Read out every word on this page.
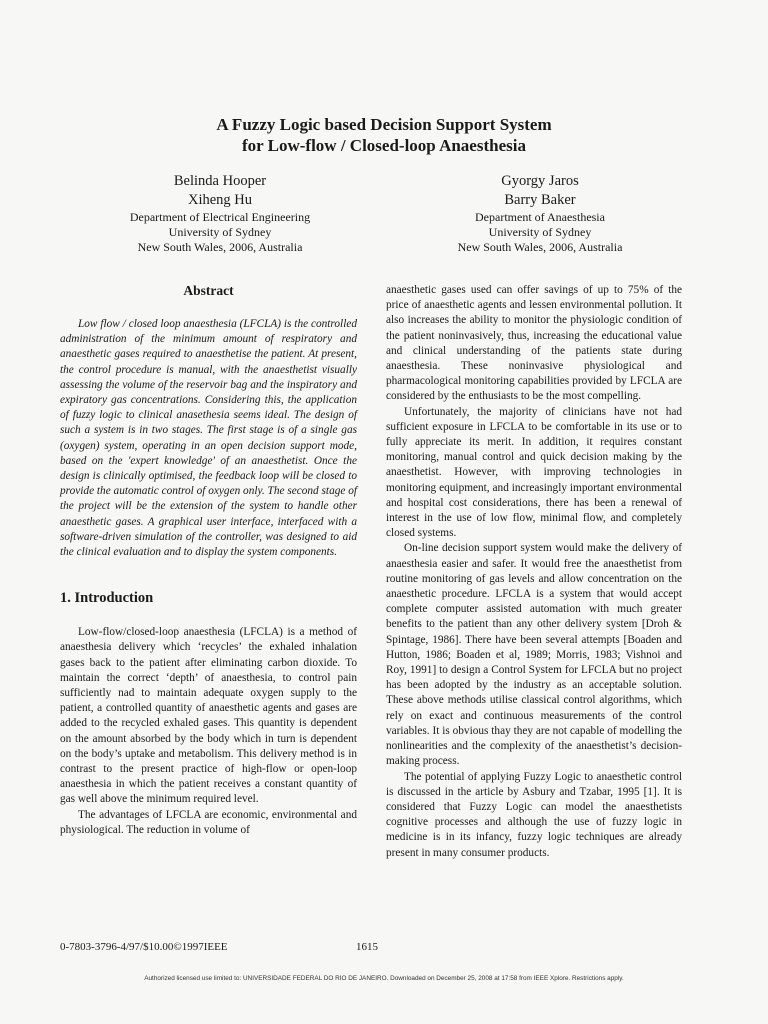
A Fuzzy Logic based Decision Support System
for Low-flow / Closed-loop Anaesthesia
Belinda Hooper
Xiheng Hu
Department of Electrical Engineering
University of Sydney
New South Wales, 2006, Australia
Gyorgy Jaros
Barry Baker
Department of Anaesthesia
University of Sydney
New South Wales, 2006, Australia
Abstract

Low flow / closed loop anaesthesia (LFCLA) is the controlled administration of the minimum amount of respiratory and anaesthetic gases required to anaesthetise the patient. At present, the control procedure is manual, with the anaesthetist visually assessing the volume of the reservoir bag and the inspiratory and expiratory gas concentrations. Considering this, the application of fuzzy logic to clinical anasethesia seems ideal. The design of such a system is in two stages. The first stage is of a single gas (oxygen) system, operating in an open decision support mode, based on the 'expert knowledge' of an anaesthetist. Once the design is clinically optimised, the feedback loop will be closed to provide the automatic control of oxygen only. The second stage of the project will be the extension of the system to handle other anaesthetic gases. A graphical user interface, interfaced with a software-driven simulation of the controller, was designed to aid the clinical evaluation and to display the system components.

1. Introduction

Low-flow/closed-loop anaesthesia (LFCLA) is a method of anaesthesia delivery which ‘recycles’ the exhaled inhalation gases back to the patient after eliminating carbon dioxide. To maintain the correct ‘depth’ of anaesthesia, to control pain sufficiently nad to maintain adequate oxygen supply to the patient, a controlled quantity of anaesthetic agents and gases are added to the recycled exhaled gases. This quantity is dependent on the amount absorbed by the body which in turn is dependent on the body’s uptake and metabolism. This delivery method is in contrast to the present practice of high-flow or open-loop anaesthesia in which the patient receives a constant quantity of gas well above the minimum required level.

The advantages of LFCLA are economic, environmental and physiological. The reduction in volume of

anaesthetic gases used can offer savings of up to 75% of the price of anaesthetic agents and lessen environmental pollution. It also increases the ability to monitor the physiologic condition of the patient noninvasively, thus, increasing the educational value and clinical understanding of the patients state during anaesthesia. These noninvasive physiological and pharmacological monitoring capabilities provided by LFCLA are considered by the enthusiasts to be the most compelling.

Unfortunately, the majority of clinicians have not had sufficient exposure in LFCLA to be comfortable in its use or to fully appreciate its merit. In addition, it requires constant monitoring, manual control and quick decision making by the anaesthetist. However, with improving technologies in monitoring equipment, and increasingly important environmental and hospital cost considerations, there has been a renewal of interest in the use of low flow, minimal flow, and completely closed systems.

On-line decision support system would make the delivery of anaesthesia easier and safer. It would free the anaesthetist from routine monitoring of gas levels and allow concentration on the anaesthetic procedure. LFCLA is a system that would accept complete computer assisted automation with much greater benefits to the patient than any other delivery system [Droh & Spintage, 1986]. There have been several attempts [Boaden and Hutton, 1986; Boaden et al, 1989; Morris, 1983; Vishnoi and Roy, 1991] to design a Control System for LFCLA but no project has been adopted by the industry as an acceptable solution. These above methods utilise classical control algorithms, which rely on exact and continuous measurements of the control variables. It is obvious thay they are not capable of modelling the nonlinearities and the complexity of the anaesthetist’s decision-making process.

The potential of applying Fuzzy Logic to anaesthetic control is discussed in the article by Asbury and Tzabar, 1995 [1]. It is considered that Fuzzy Logic can model the anaesthetists cognitive processes and although the use of fuzzy logic in medicine is in its infancy, fuzzy logic techniques are already present in many consumer products.

0-7803-3796-4/97/$10.00©1997IEEE	1615
Authorized licensed use limited to: UNIVERSIDADE FEDERAL DO RIO DE JANEIRO. Downloaded on December 25, 2008 at 17:58 from IEEE Xplore. Restrictions apply.
